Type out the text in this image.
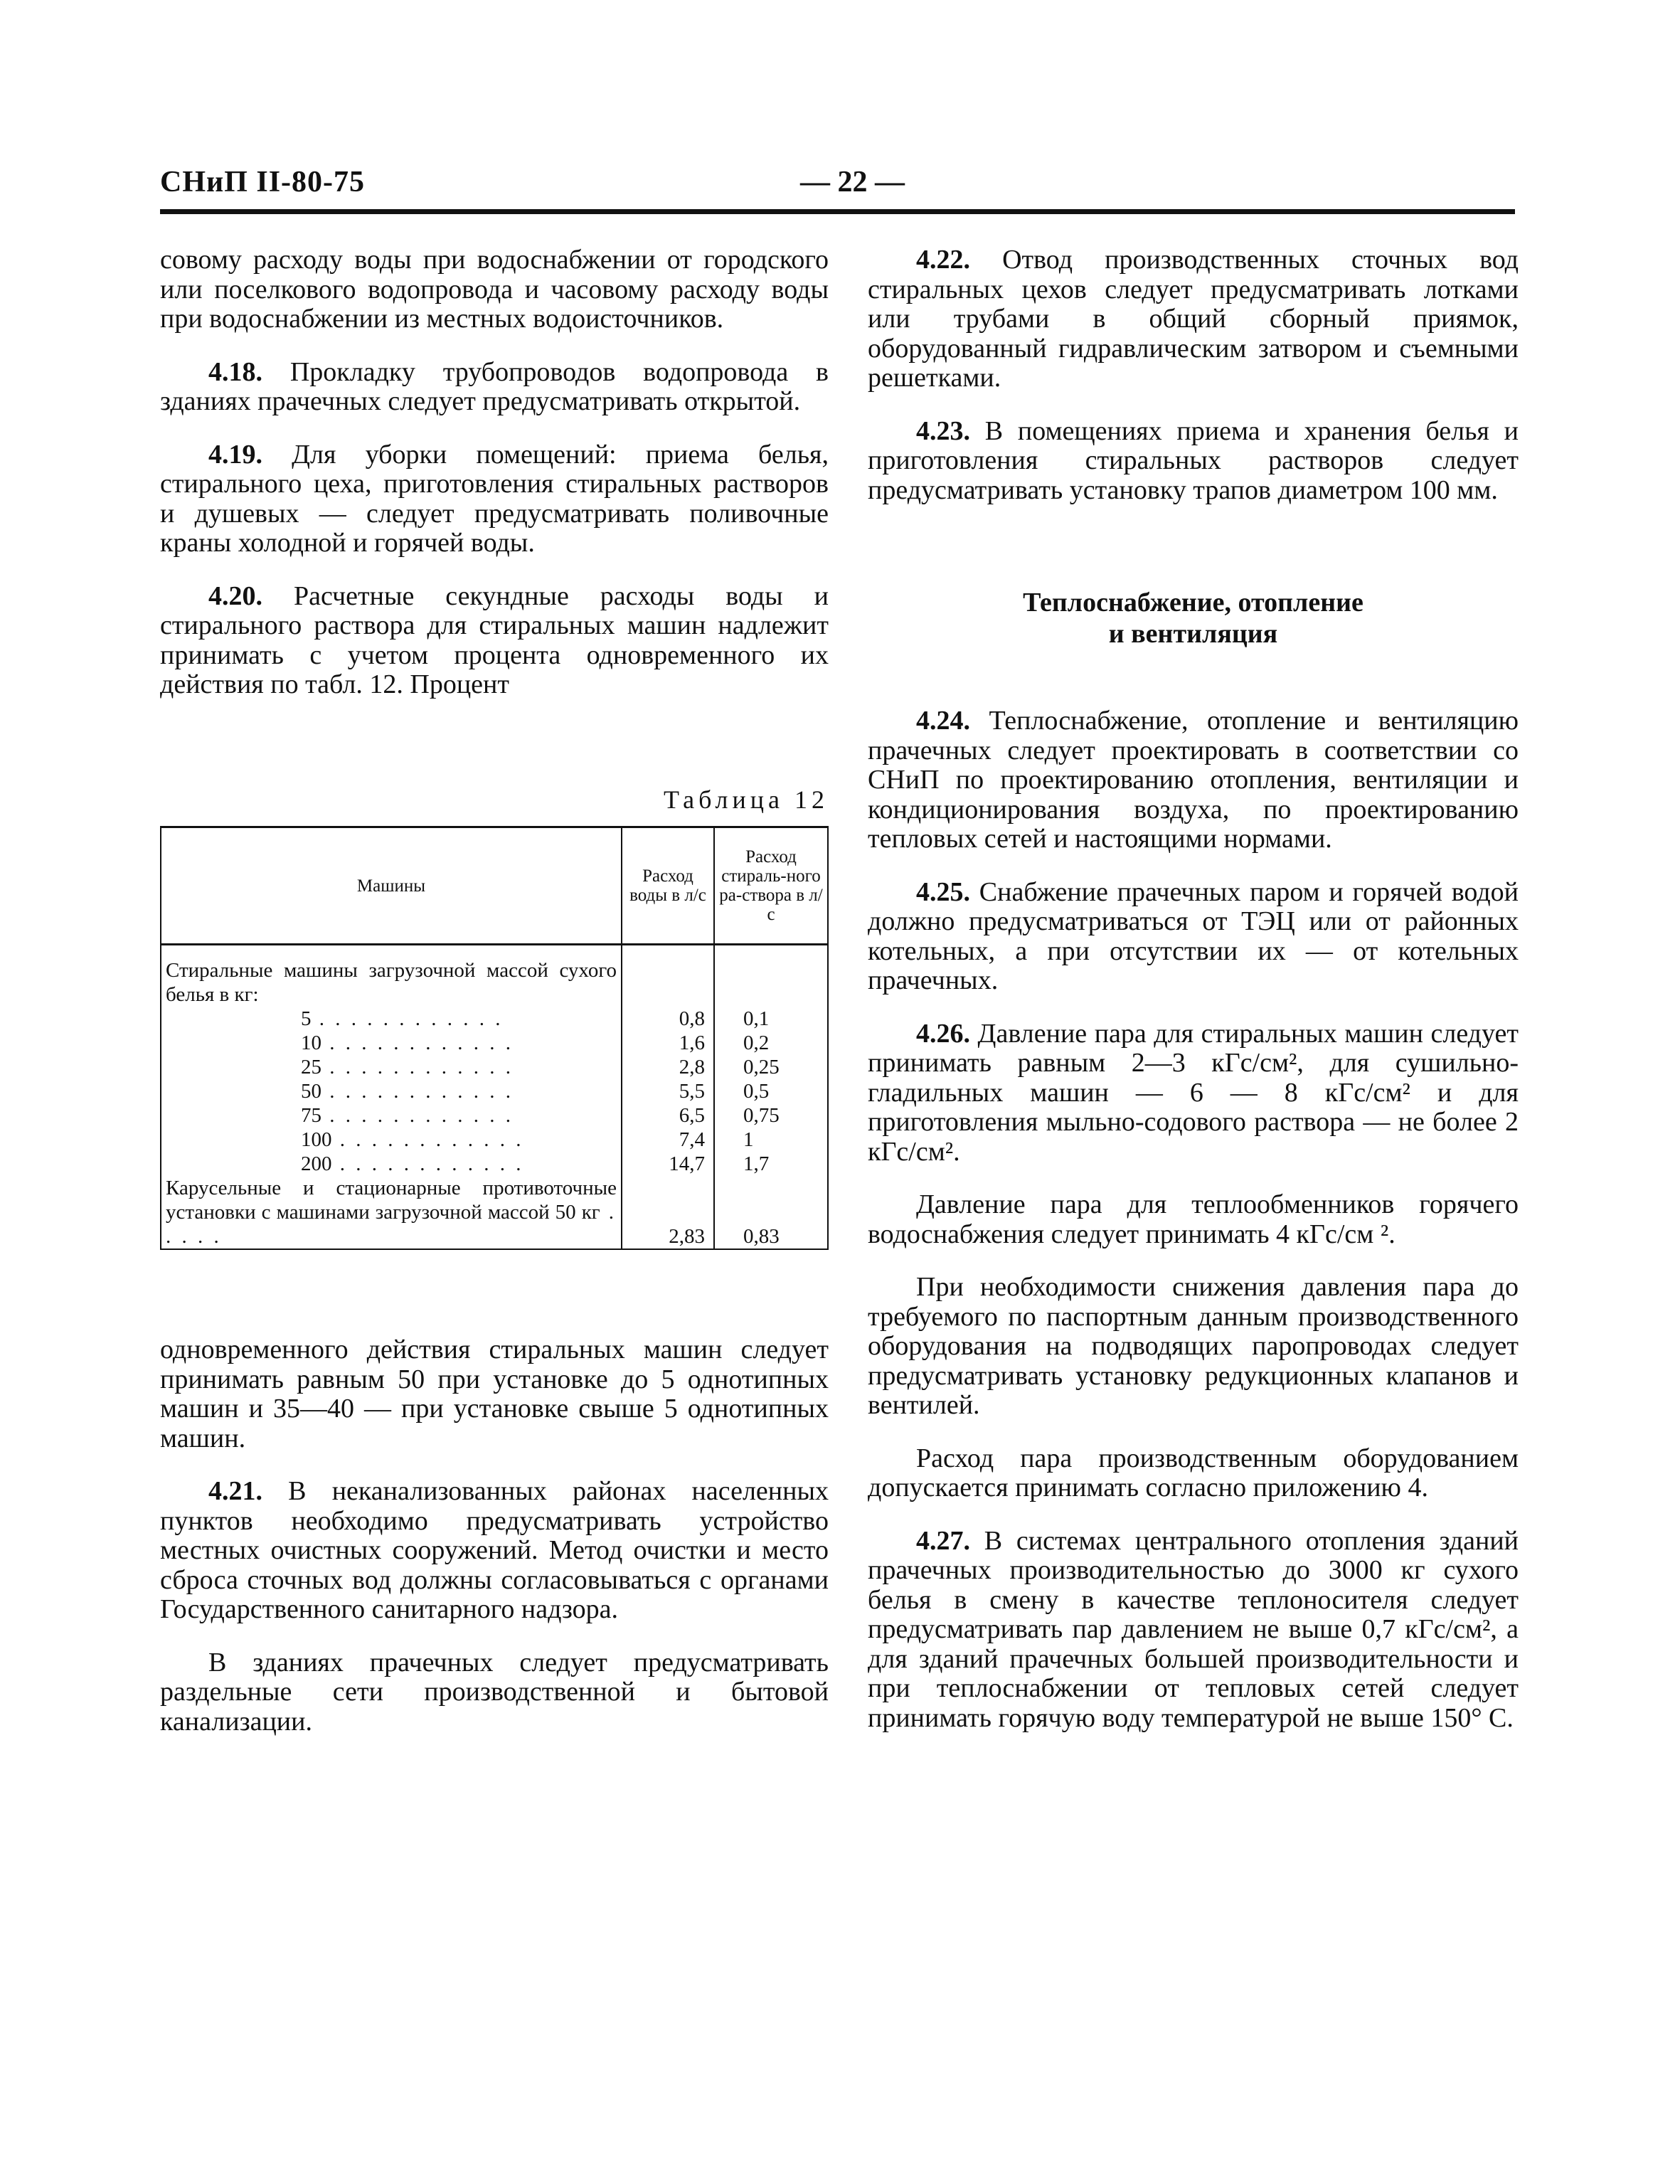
СНиП II-80-75	— 22 —

совому расходу воды при водоснабжении от городского или поселкового водопровода и часовому расходу воды при водоснабжении из местных водоисточников.

4.18. Прокладку трубопроводов водопровода в зданиях прачечных следует предусматривать открытой.

4.19. Для уборки помещений: приема белья, стирального цеха, приготовления стиральных растворов и душевых — следует предусматривать поливочные краны холодной и горячей воды.

4.20. Расчетные секундные расходы воды и стирального раствора для стиральных машин надлежит принимать с учетом процента одновременного их действия по табл. 12. Процент

Таблица 12
Машины	Расход воды в л/с	Расход стираль-ного ра-створа в л/с

Стиральные машины загрузочной массой сухого белья в кг:		
5 . . . . . . . . . . . .	0,8	0,1
10 . . . . . . . . . . . .	1,6	0,2
25 . . . . . . . . . . . .	2,8	0,25
50 . . . . . . . . . . . .	5,5	0,5
75 . . . . . . . . . . . .	6,5	0,75
100 . . . . . . . . . . . .	7,4	1
200 . . . . . . . . . . . .	14,7	1,7
Карусельные и стационарные противоточные установки с машинами загрузочной массой 50 кг . . . . .	2,83	0,83

одновременного действия стиральных машин следует принимать равным 50 при установке до 5 однотипных машин и 35—40 — при установке свыше 5 однотипных машин.

4.21. В неканализованных районах населенных пунктов необходимо предусматривать устройство местных очистных сооружений. Метод очистки и место сброса сточных вод должны согласовываться с органами Государственного санитарного надзора.

В зданиях прачечных следует предусматривать раздельные сети производственной и бытовой канализации.

4.22. Отвод производственных сточных вод стиральных цехов следует предусматривать лотками или трубами в общий сборный приямок, оборудованный гидравлическим затвором и съемными решетками.

4.23. В помещениях приема и хранения белья и приготовления стиральных растворов следует предусматривать установку трапов диаметром 100 мм.

Теплоснабжение, отопление
и вентиляция

4.24. Теплоснабжение, отопление и вентиляцию прачечных следует проектировать в соответствии со СНиП по проектированию отопления, вентиляции и кондиционирования воздуха, по проектированию тепловых сетей и настоящими нормами.

4.25. Снабжение прачечных паром и горячей водой должно предусматриваться от ТЭЦ или от районных котельных, а при отсутствии их — от котельных прачечных.

4.26. Давление пара для стиральных машин следует принимать равным 2—3 кГс/см², для сушильно-гладильных машин — 6 — 8 кГс/см² и для приготовления мыльно-содового раствора — не более 2 кГс/см².

Давление пара для теплообменников горячего водоснабжения следует принимать 4 кГс/см ².

При необходимости снижения давления пара до требуемого по паспортным данным производственного оборудования на подводящих паропроводах следует предусматривать установку редукционных клапанов и вентилей.

Расход пара производственным оборудованием допускается принимать согласно приложению 4.

4.27. В системах центрального отопления зданий прачечных производительностью до 3000 кг сухого белья в смену в качестве теплоносителя следует предусматривать пар давлением не выше 0,7 кГс/см², а для зданий прачечных большей производительности и при теплоснабжении от тепловых сетей следует принимать горячую воду температурой не выше 150° С.
